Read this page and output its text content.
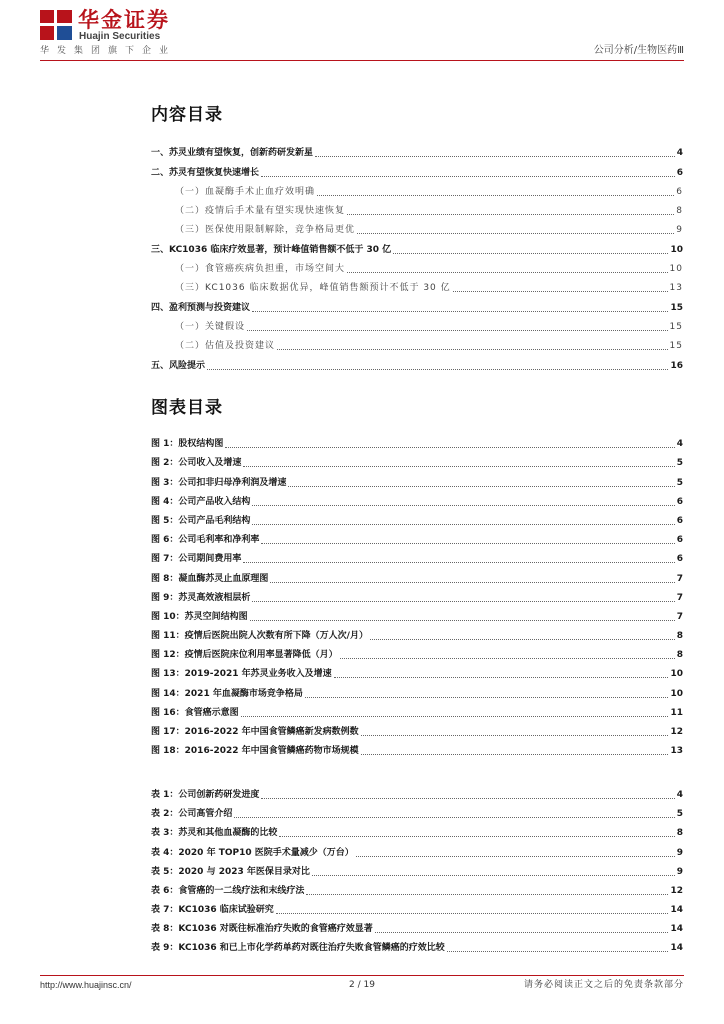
华金证券
Huajin Securities
华发集团旗下企业	公司分析/生物医药Ⅲ
内容目录
一、苏灵业绩有望恢复，创新药研发新星	4
二、苏灵有望恢复快速增长	6
（一）血凝酶手术止血疗效明确	6
（二）疫情后手术量有望实现快速恢复	8
（三）医保使用限制解除，竞争格局更优	9
三、KC1036 临床疗效显著，预计峰值销售额不低于 30 亿	10
（一）食管癌疾病负担重，市场空间大	10
（三）KC1036 临床数据优异，峰值销售额预计不低于 30 亿	13
四、盈利预测与投资建议	15
（一）关键假设	15
（二）估值及投资建议	15
五、风险提示	16
图表目录
图 1：股权结构图	4
图 2：公司收入及增速	5
图 3：公司扣非归母净利润及增速	5
图 4：公司产品收入结构	6
图 5：公司产品毛利结构	6
图 6：公司毛利率和净利率	6
图 7：公司期间费用率	6
图 8：凝血酶苏灵止血原理图	7
图 9：苏灵高效液相层析	7
图 10：苏灵空间结构图	7
图 11：疫情后医院出院人次数有所下降（万人次/月）	8
图 12：疫情后医院床位利用率显著降低（月）	8
图 13：2019-2021 年苏灵业务收入及增速	10
图 14：2021 年血凝酶市场竞争格局	10
图 16：食管癌示意图	11
图 17：2016-2022 年中国食管鳞癌新发病数例数	12
图 18：2016-2022 年中国食管鳞癌药物市场规模	13
表 1：公司创新药研发进度	4
表 2：公司高管介绍	5
表 3：苏灵和其他血凝酶的比较	8
表 4：2020 年 TOP10 医院手术量减少（万台）	9
表 5：2020 与 2023 年医保目录对比	9
表 6：食管癌的一二线疗法和末线疗法	12
表 7：KC1036 临床试验研究	14
表 8：KC1036 对既往标准治疗失败的食管癌疗效显著	14
表 9：KC1036 和已上市化学药单药对既往治疗失败食管鳞癌的疗效比较	14
http://www.huajinsc.cn/	2 / 19	请务必阅读正文之后的免责条款部分
